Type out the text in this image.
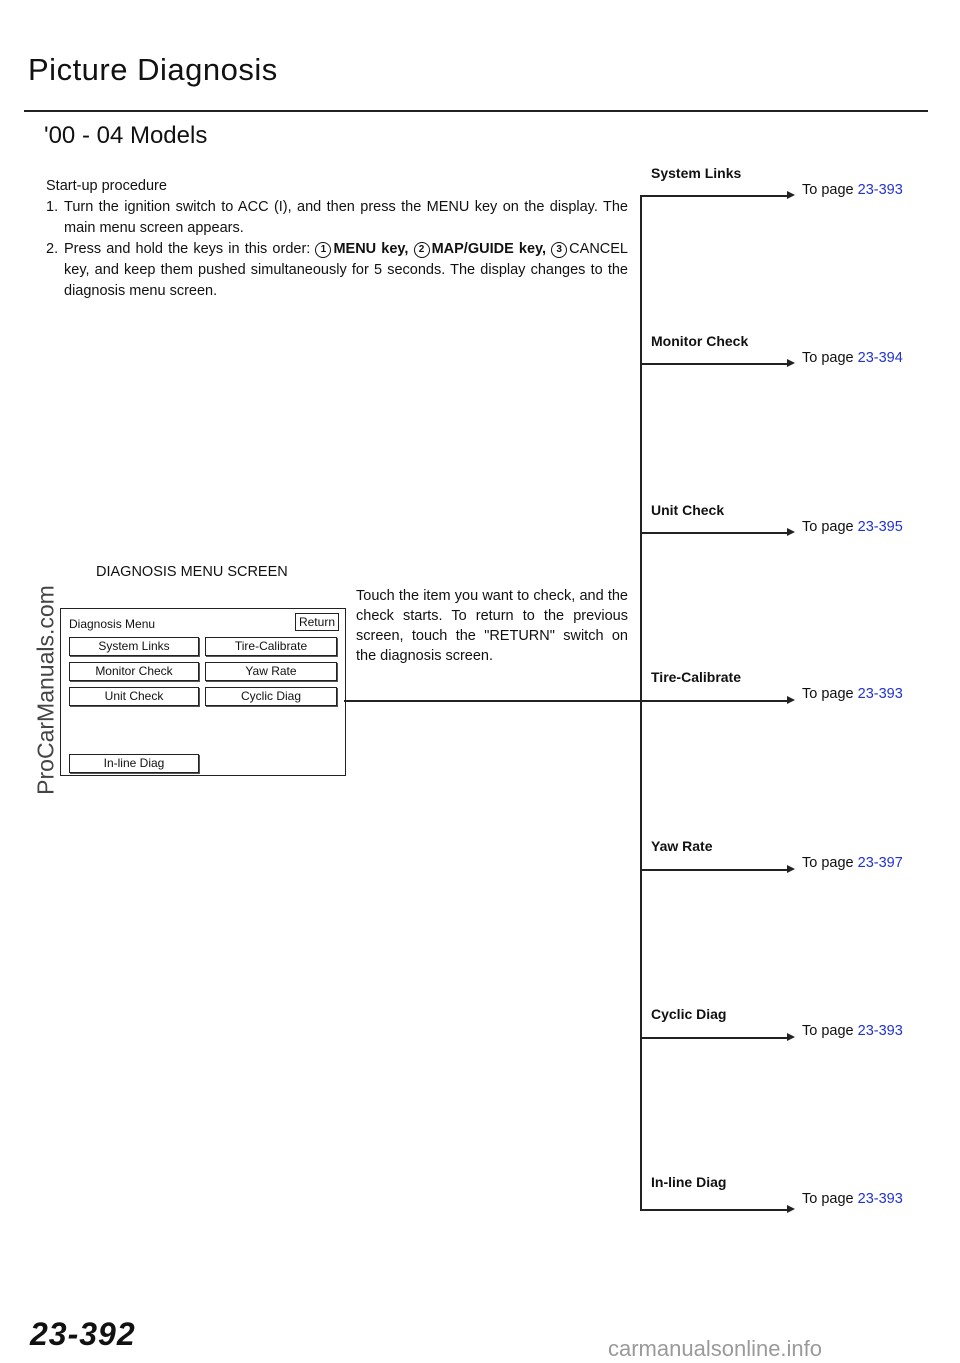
Picture Diagnosis
'00 - 04 Models
Start-up procedure
1. Turn the ignition switch to ACC (I), and then press the MENU key on the display. The main menu screen appears.
2. Press and hold the keys in this order: 1 MENU key, 2 MAP/GUIDE key, 3 CANCEL key, and keep them pushed simultaneously for 5 seconds. The display changes to the diagnosis menu screen.
DIAGNOSIS MENU SCREEN
Diagnosis Menu	Return
System Links
Monitor Check
Unit Check
Tire-Calibrate
Yaw Rate
Cyclic Diag
In-line Diag
Touch the item you want to check, and the check starts. To return to the previous screen, touch the "RETURN" switch on the diagnosis screen.
System Links
To page 23-393
Monitor Check
To page 23-394
Unit Check
To page 23-395
Tire-Calibrate
To page 23-393
Yaw Rate
To page 23-397
Cyclic Diag
To page 23-393
In-line Diag
To page 23-393
ProCarManuals.com
23-392	carmanualsonline.info
